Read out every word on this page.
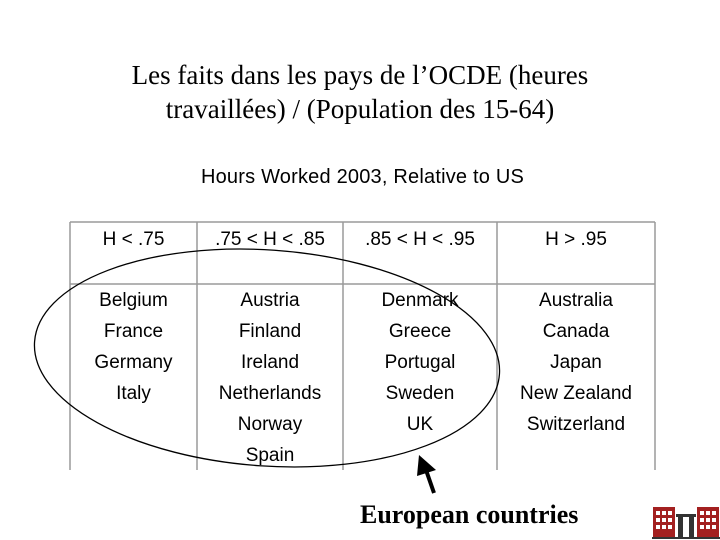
Les faits dans les pays de l’OCDE (heures
travaillées) / (Population des 15-64)
Hours Worked 2003, Relative to US
H < .75
Belgium
France
Germany
Italy
.75 < H < .85
Austria
Finland
Ireland
Netherlands
Norway
Spain
.85 < H < .95
Denmark
Greece
Portugal
Sweden
UK
H > .95
Australia
Canada
Japan
New Zealand
Switzerland
European countries
